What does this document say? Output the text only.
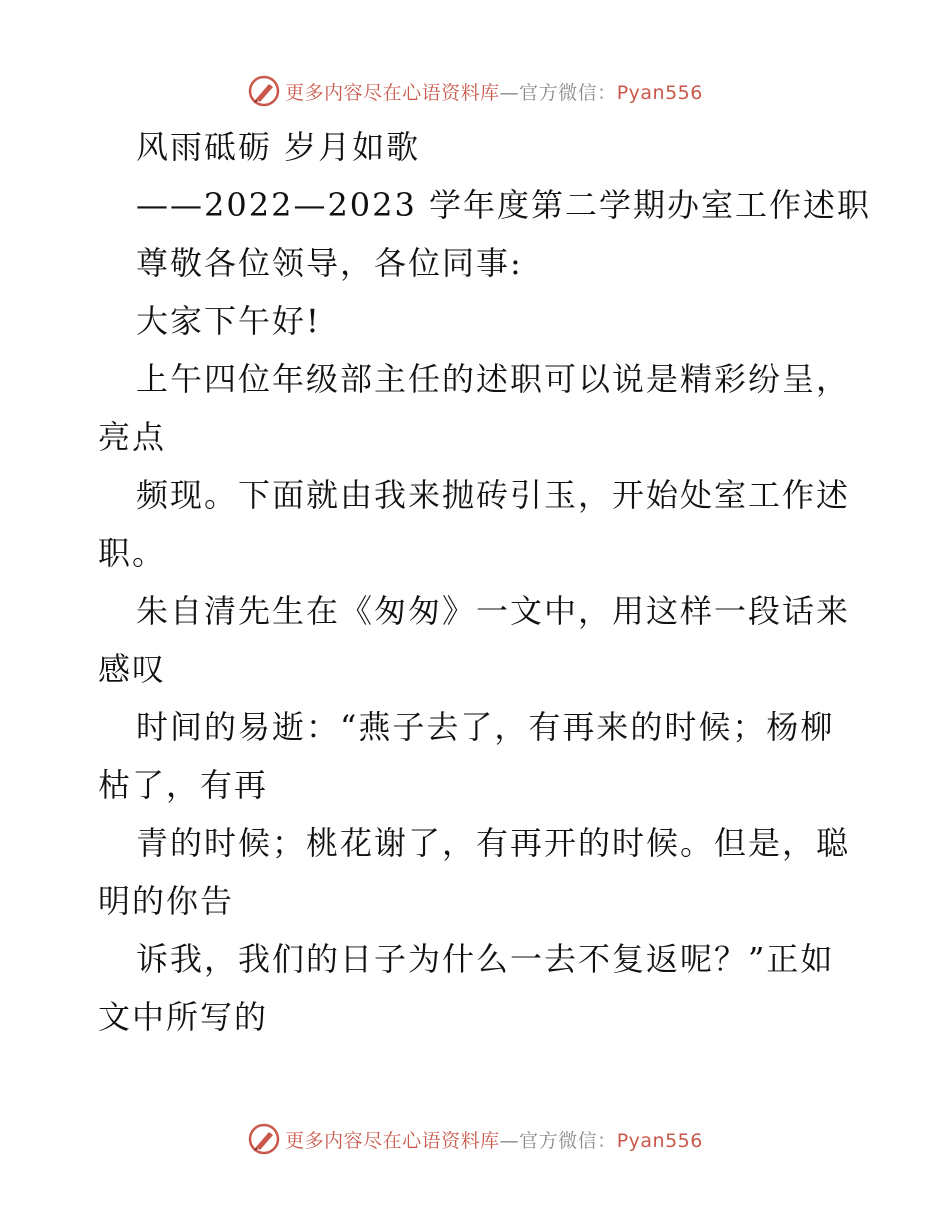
更多内容尽在心语资料库—官方微信：Pyan556
风雨砥砺 岁月如歌
——2022—2023 学年度第二学期办室工作述职
尊敬各位领导，各位同事:
大家下午好!
上午四位年级部主任的述职可以说是精彩纷呈，
亮点
频现。下面就由我来抛砖引玉，开始处室工作述
职。
朱自清先生在《匆匆》一文中，用这样一段话来
感叹
时间的易逝：“燕子去了，有再来的时候；杨柳
枯了，有再
青的时候；桃花谢了，有再开的时候。但是，聪
明的你告
诉我，我们的日子为什么一去不复返呢？”正如
文中所写的
更多内容尽在心语资料库—官方微信：Pyan556
